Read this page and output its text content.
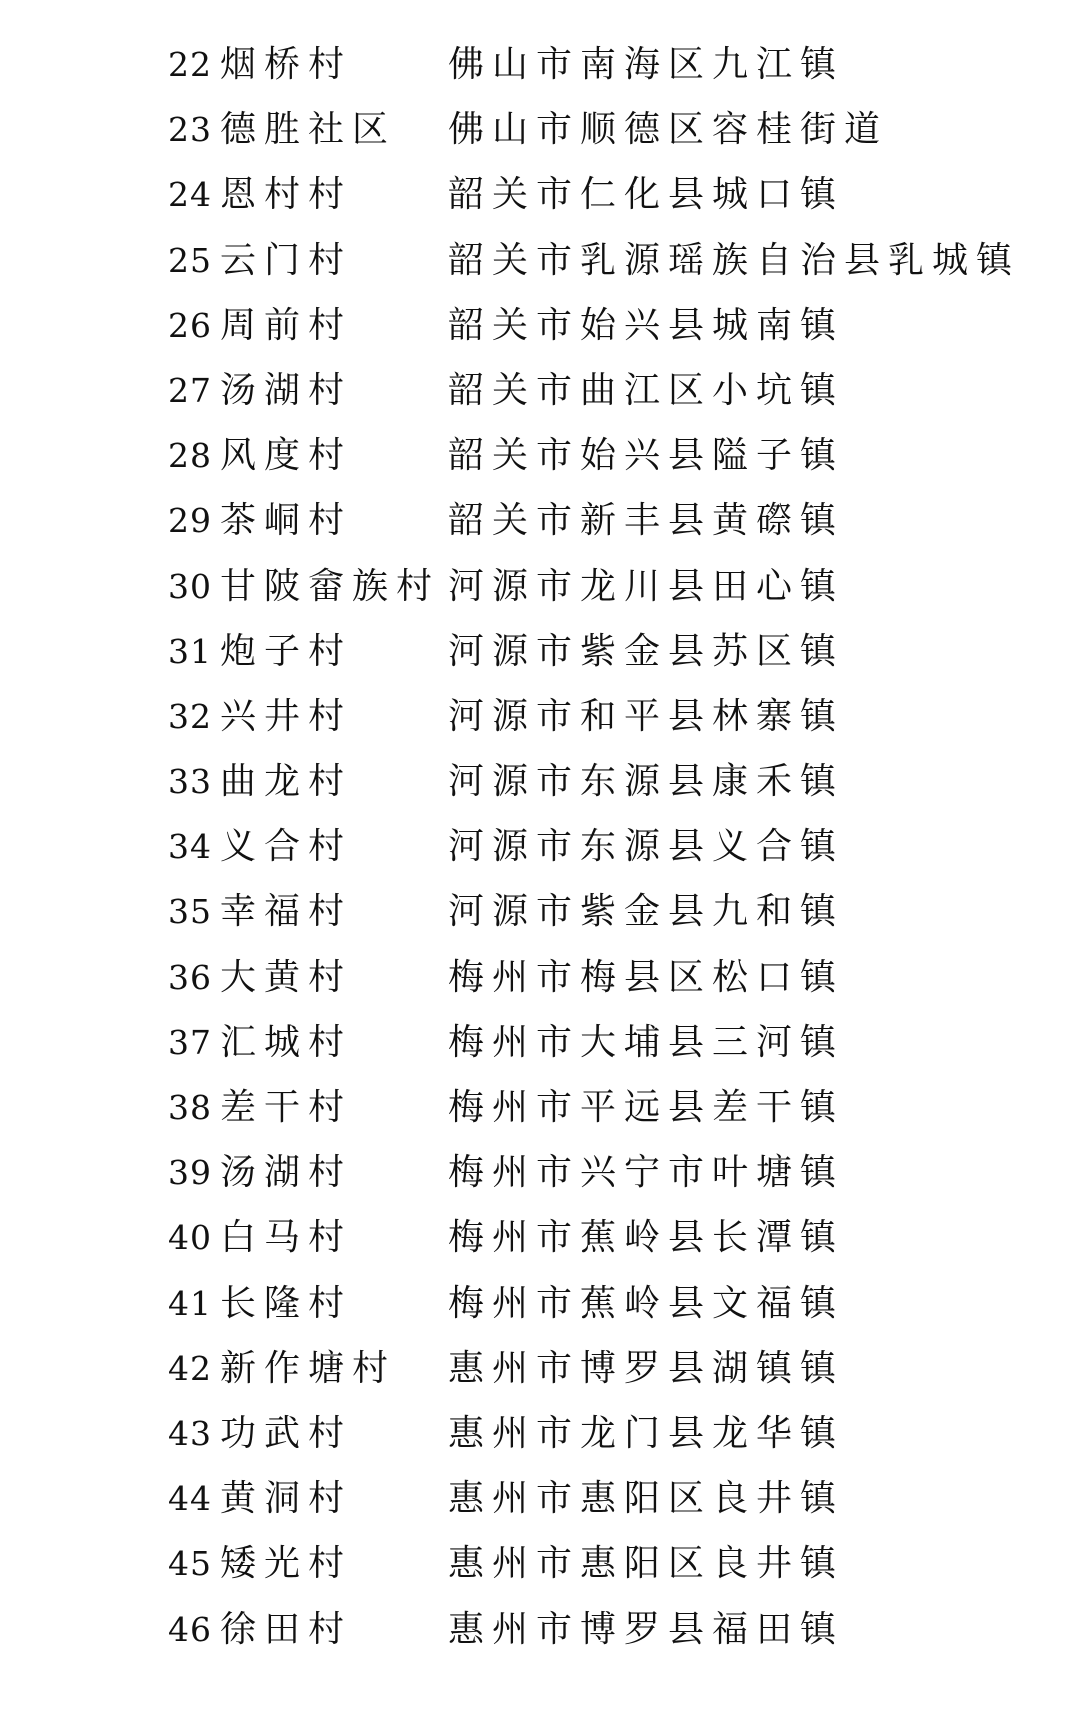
22 烟桥村	佛山市南海区九江镇
23 德胜社区 佛山市顺德区容桂街道
24 恩村村	韶关市仁化县城口镇
25 云门村	韶关市乳源瑶族自治县乳城镇
26 周前村	韶关市始兴县城南镇
27 汤湖村	韶关市曲江区小坑镇
28 风度村	韶关市始兴县隘子镇
29 茶峒村	韶关市新丰县黄磜镇
30 甘陂畲族村 河源市龙川县田心镇
31 炮子村	河源市紫金县苏区镇
32 兴井村	河源市和平县林寨镇
33 曲龙村	河源市东源县康禾镇
34 义合村	河源市东源县义合镇
35 幸福村	河源市紫金县九和镇
36 大黄村	梅州市梅县区松口镇
37 汇城村	梅州市大埔县三河镇
38 差干村	梅州市平远县差干镇
39 汤湖村	梅州市兴宁市叶塘镇
40 白马村	梅州市蕉岭县长潭镇
41 长隆村	梅州市蕉岭县文福镇
42 新作塘村 惠州市博罗县湖镇镇
43 功武村	惠州市龙门县龙华镇
44 黄洞村	惠州市惠阳区良井镇
45 矮光村	惠州市惠阳区良井镇
46 徐田村	惠州市博罗县福田镇
